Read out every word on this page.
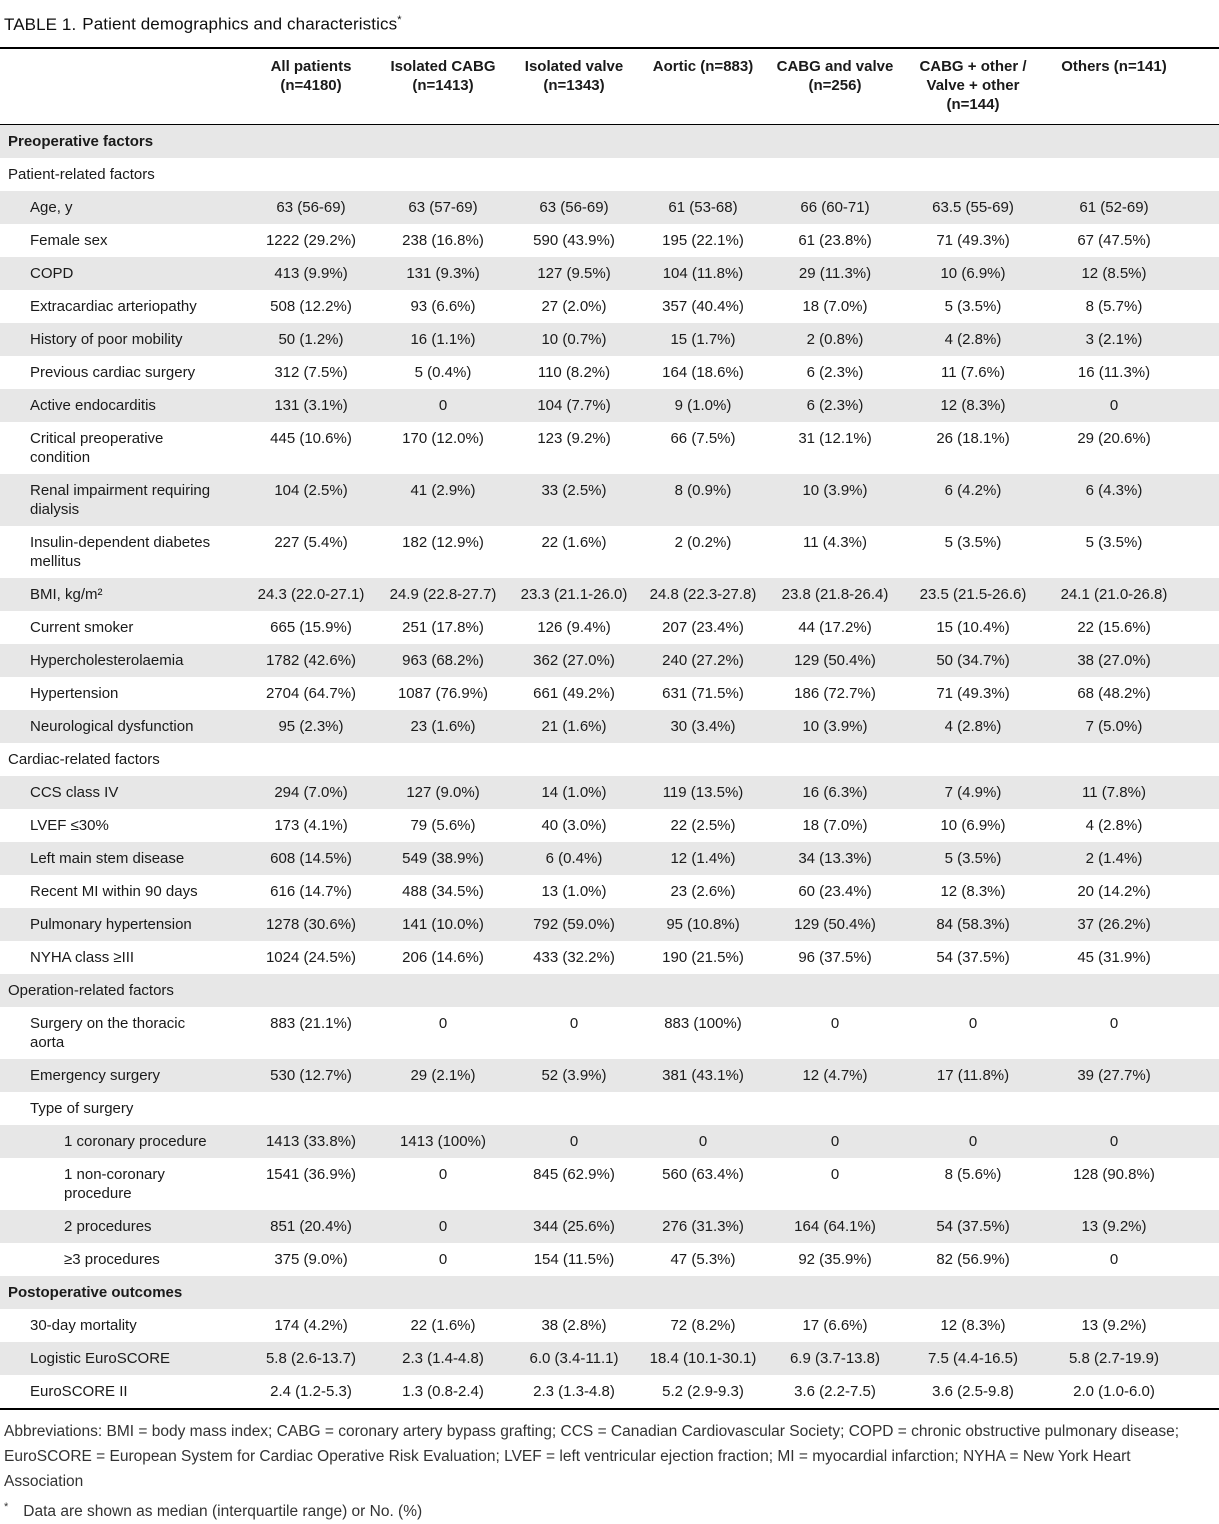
TABLE 1. Patient demographics and characteristics*
	All patients (n=4180)	Isolated CABG (n=1413)	Isolated valve (n=1343)	Aortic (n=883)	CABG and valve (n=256)	CABG + other / Valve + other (n=144)	Others (n=141)
Preoperative factors							
Patient-related factors							
Age, y	63 (56-69)	63 (57-69)	63 (56-69)	61 (53-68)	66 (60-71)	63.5 (55-69)	61 (52-69)
Female sex	1222 (29.2%)	238 (16.8%)	590 (43.9%)	195 (22.1%)	61 (23.8%)	71 (49.3%)	67 (47.5%)
COPD	413 (9.9%)	131 (9.3%)	127 (9.5%)	104 (11.8%)	29 (11.3%)	10 (6.9%)	12 (8.5%)
Extracardiac arteriopathy	508 (12.2%)	93 (6.6%)	27 (2.0%)	357 (40.4%)	18 (7.0%)	5 (3.5%)	8 (5.7%)
History of poor mobility	50 (1.2%)	16 (1.1%)	10 (0.7%)	15 (1.7%)	2 (0.8%)	4 (2.8%)	3 (2.1%)
Previous cardiac surgery	312 (7.5%)	5 (0.4%)	110 (8.2%)	164 (18.6%)	6 (2.3%)	11 (7.6%)	16 (11.3%)
Active endocarditis	131 (3.1%)	0	104 (7.7%)	9 (1.0%)	6 (2.3%)	12 (8.3%)	0
Critical preoperative condition	445 (10.6%)	170 (12.0%)	123 (9.2%)	66 (7.5%)	31 (12.1%)	26 (18.1%)	29 (20.6%)
Renal impairment requiring dialysis	104 (2.5%)	41 (2.9%)	33 (2.5%)	8 (0.9%)	10 (3.9%)	6 (4.2%)	6 (4.3%)
Insulin-dependent diabetes mellitus	227 (5.4%)	182 (12.9%)	22 (1.6%)	2 (0.2%)	11 (4.3%)	5 (3.5%)	5 (3.5%)
BMI, kg/m²	24.3 (22.0-27.1)	24.9 (22.8-27.7)	23.3 (21.1-26.0)	24.8 (22.3-27.8)	23.8 (21.8-26.4)	23.5 (21.5-26.6)	24.1 (21.0-26.8)
Current smoker	665 (15.9%)	251 (17.8%)	126 (9.4%)	207 (23.4%)	44 (17.2%)	15 (10.4%)	22 (15.6%)
Hypercholesterolaemia	1782 (42.6%)	963 (68.2%)	362 (27.0%)	240 (27.2%)	129 (50.4%)	50 (34.7%)	38 (27.0%)
Hypertension	2704 (64.7%)	1087 (76.9%)	661 (49.2%)	631 (71.5%)	186 (72.7%)	71 (49.3%)	68 (48.2%)
Neurological dysfunction	95 (2.3%)	23 (1.6%)	21 (1.6%)	30 (3.4%)	10 (3.9%)	4 (2.8%)	7 (5.0%)
Cardiac-related factors							
CCS class IV	294 (7.0%)	127 (9.0%)	14 (1.0%)	119 (13.5%)	16 (6.3%)	7 (4.9%)	11 (7.8%)
LVEF ≤30%	173 (4.1%)	79 (5.6%)	40 (3.0%)	22 (2.5%)	18 (7.0%)	10 (6.9%)	4 (2.8%)
Left main stem disease	608 (14.5%)	549 (38.9%)	6 (0.4%)	12 (1.4%)	34 (13.3%)	5 (3.5%)	2 (1.4%)
Recent MI within 90 days	616 (14.7%)	488 (34.5%)	13 (1.0%)	23 (2.6%)	60 (23.4%)	12 (8.3%)	20 (14.2%)
Pulmonary hypertension	1278 (30.6%)	141 (10.0%)	792 (59.0%)	95 (10.8%)	129 (50.4%)	84 (58.3%)	37 (26.2%)
NYHA class ≥III	1024 (24.5%)	206 (14.6%)	433 (32.2%)	190 (21.5%)	96 (37.5%)	54 (37.5%)	45 (31.9%)
Operation-related factors							
Surgery on the thoracic aorta	883 (21.1%)	0	0	883 (100%)	0	0	0
Emergency surgery	530 (12.7%)	29 (2.1%)	52 (3.9%)	381 (43.1%)	12 (4.7%)	17 (11.8%)	39 (27.7%)
Type of surgery							
1 coronary procedure	1413 (33.8%)	1413 (100%)	0	0	0	0	0
1 non-coronary procedure	1541 (36.9%)	0	845 (62.9%)	560 (63.4%)	0	8 (5.6%)	128 (90.8%)
2 procedures	851 (20.4%)	0	344 (25.6%)	276 (31.3%)	164 (64.1%)	54 (37.5%)	13 (9.2%)
≥3 procedures	375 (9.0%)	0	154 (11.5%)	47 (5.3%)	92 (35.9%)	82 (56.9%)	0
Postoperative outcomes							
30-day mortality	174 (4.2%)	22 (1.6%)	38 (2.8%)	72 (8.2%)	17 (6.6%)	12 (8.3%)	13 (9.2%)
Logistic EuroSCORE	5.8 (2.6-13.7)	2.3 (1.4-4.8)	6.0 (3.4-11.1)	18.4 (10.1-30.1)	6.9 (3.7-13.8)	7.5 (4.4-16.5)	5.8 (2.7-19.9)
EuroSCORE II	2.4 (1.2-5.3)	1.3 (0.8-2.4)	2.3 (1.3-4.8)	5.2 (2.9-9.3)	3.6 (2.2-7.5)	3.6 (2.5-9.8)	2.0 (1.0-6.0)

Abbreviations: BMI = body mass index; CABG = coronary artery bypass grafting; CCS = Canadian Cardiovascular Society; COPD = chronic obstructive pulmonary disease; EuroSCORE = European System for Cardiac Operative Risk Evaluation; LVEF = left ventricular ejection fraction; MI = myocardial infarction; NYHA = New York Heart Association

* Data are shown as median (interquartile range) or No. (%)
